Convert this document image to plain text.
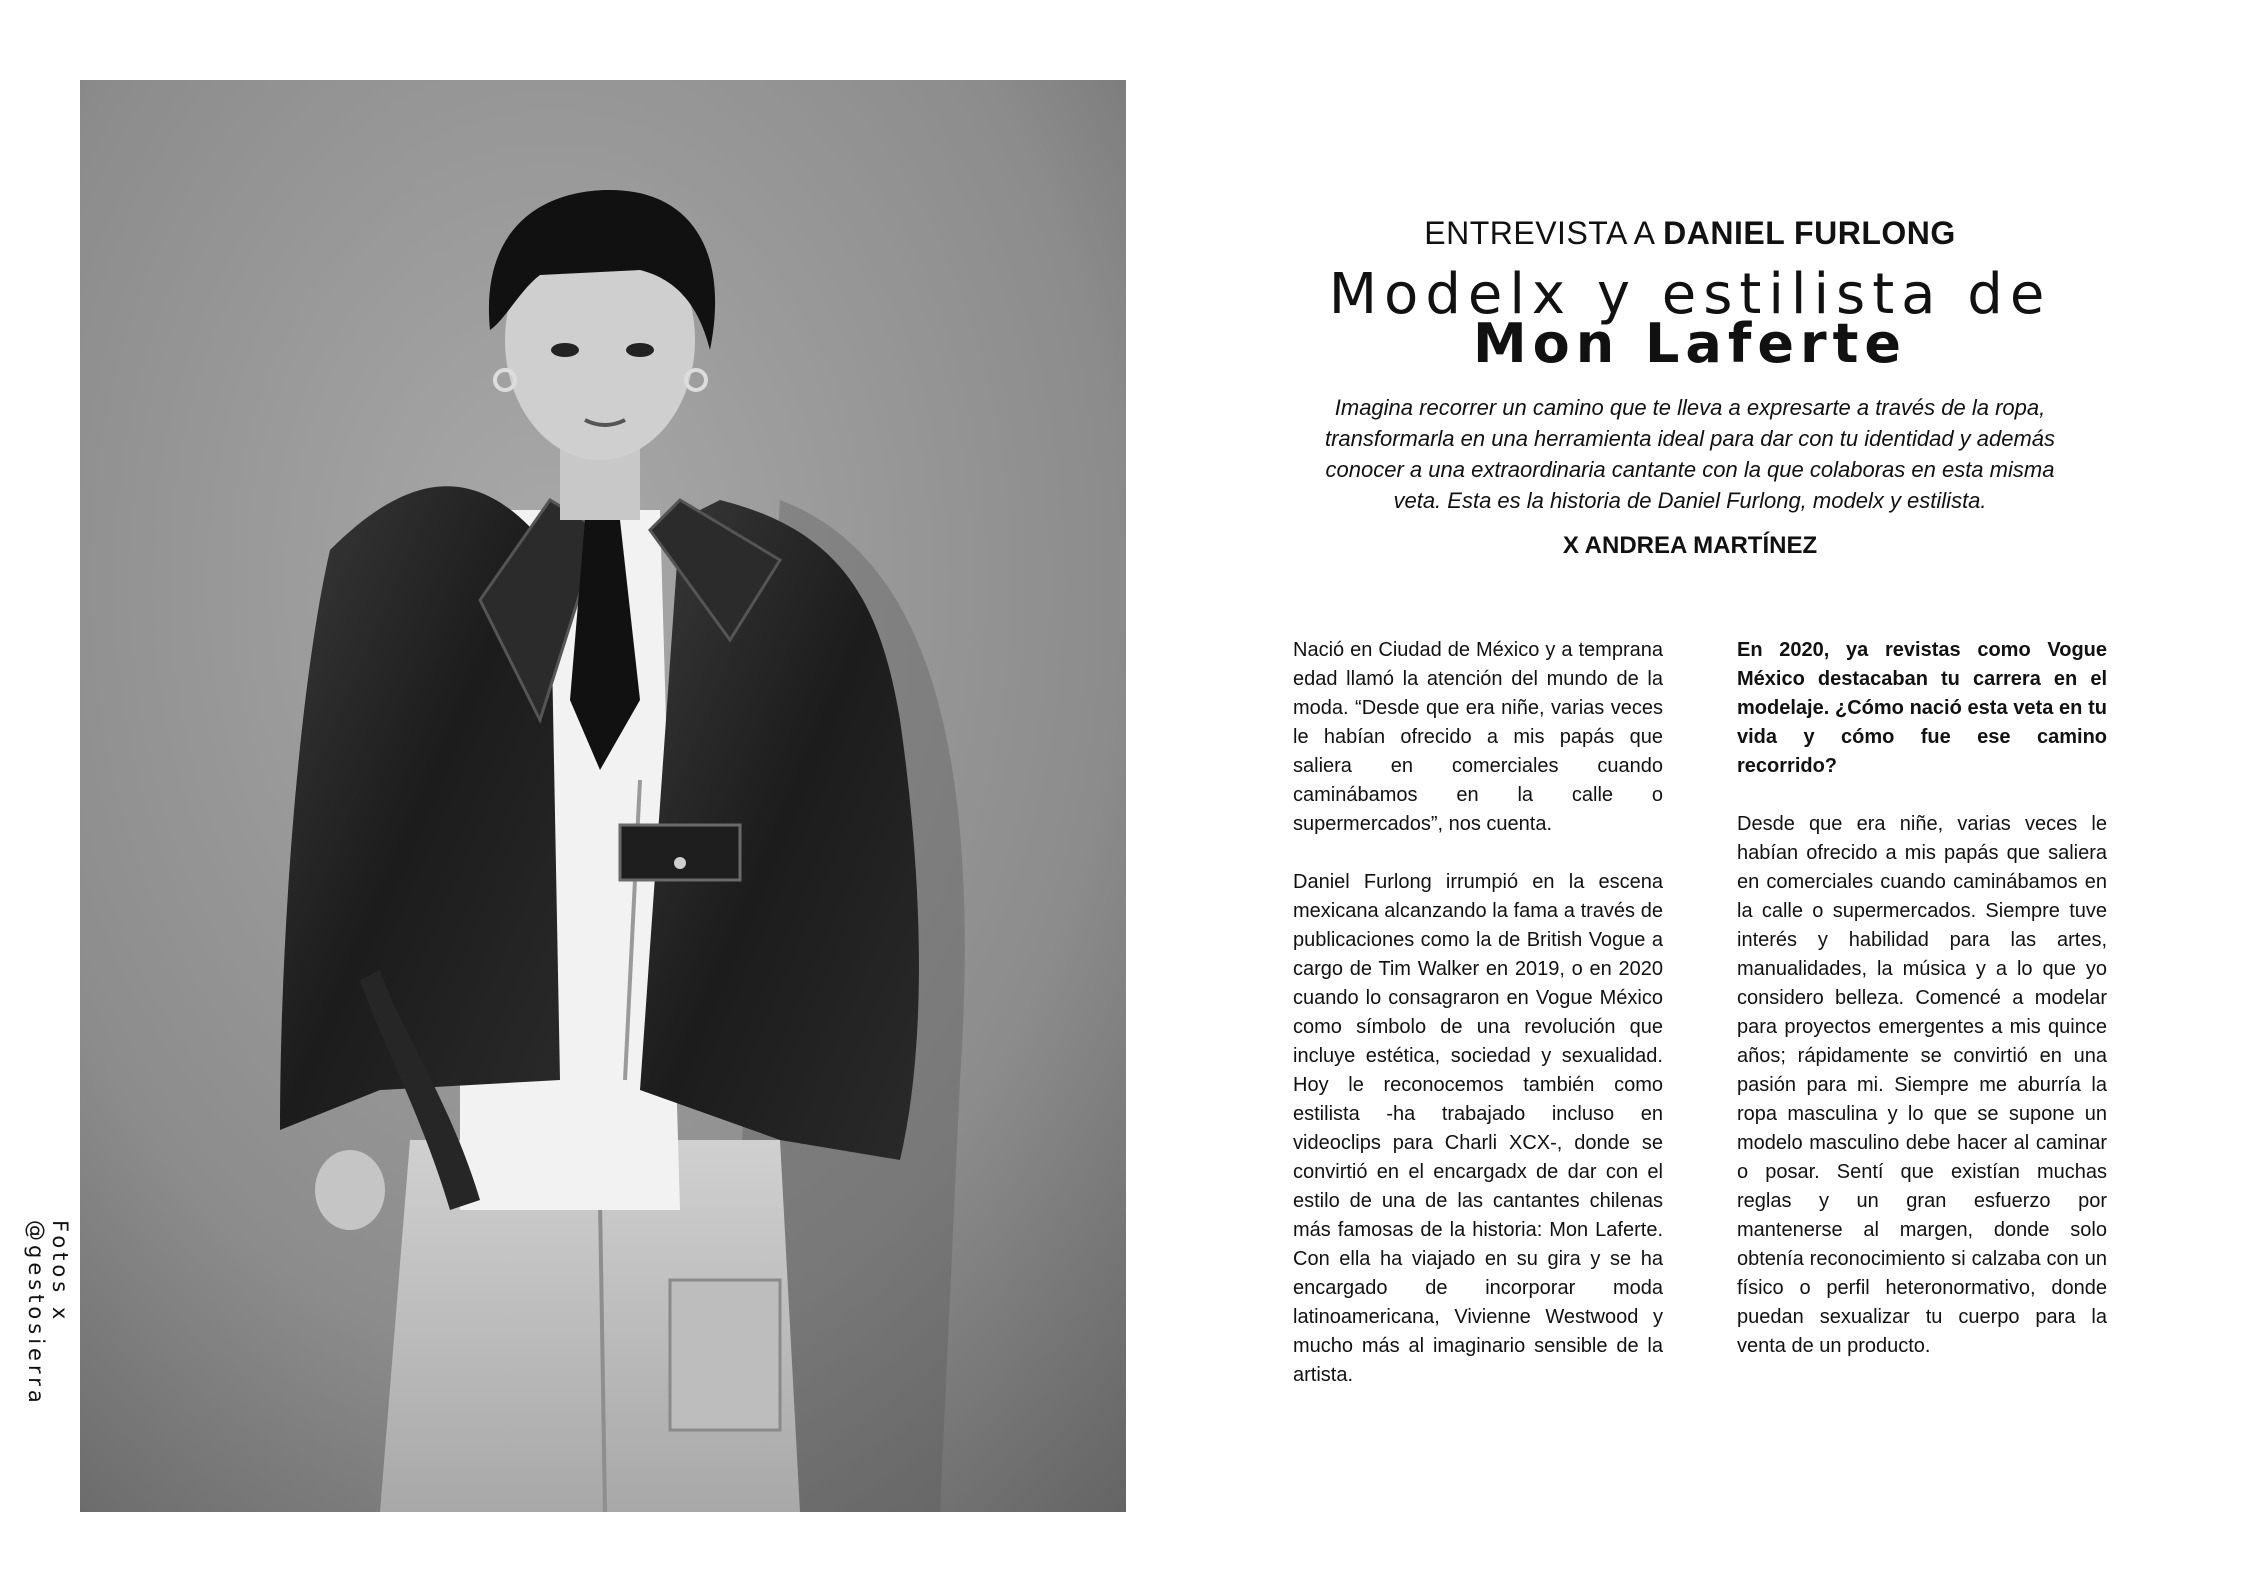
Fotos x @gestosierra
ENTREVISTA A DANIEL FURLONG
Modelx y estilista de
Mon Laferte
Imagina recorrer un camino que te lleva a expresarte a través de la ropa, transformarla en una herramienta ideal para dar con tu identidad y además conocer a una extraordinaria cantante con la que colaboras en esta misma veta. Esta es la historia de Daniel Furlong, modelx y estilista.
X ANDREA MARTÍNEZ

Nació en Ciudad de México y a temprana edad llamó la atención del mundo de la moda. “Desde que era niñe, varias veces le habían ofrecido a mis papás que saliera en comerciales cuando caminábamos en la calle o supermercados”, nos cuenta.

Daniel Furlong irrumpió en la escena mexicana alcanzando la fama a través de publicaciones como la de British Vogue a cargo de Tim Walker en 2019, o en 2020 cuando lo consagraron en Vogue México como símbolo de una revolución que incluye estética, sociedad y sexualidad. Hoy le reconocemos también como estilista -ha trabajado incluso en videoclips para Charli XCX-, donde se convirtió en el encargadx de dar con el estilo de una de las cantantes chilenas más famosas de la historia: Mon Laferte. Con ella ha viajado en su gira y se ha encargado de incorporar moda latinoamericana, Vivienne Westwood y mucho más al imaginario sensible de la artista.

En 2020, ya revistas como Vogue México destacaban tu carrera en el modelaje. ¿Cómo nació esta veta en tu vida y cómo fue ese camino recorrido?

Desde que era niñe, varias veces le habían ofrecido a mis papás que saliera en comerciales cuando caminábamos en la calle o supermercados. Siempre tuve interés y habilidad para las artes, manualidades, la música y a lo que yo considero belleza. Comencé a modelar para proyectos emergentes a mis quince años; rápidamente se convirtió en una pasión para mi. Siempre me aburría la ropa masculina y lo que se supone un modelo masculino debe hacer al caminar o posar. Sentí que existían muchas reglas y un gran esfuerzo por mantenerse al margen, donde solo obtenía reconocimiento si calzaba con un físico o perfil heteronormativo, donde puedan sexualizar tu cuerpo para la venta de un producto.
